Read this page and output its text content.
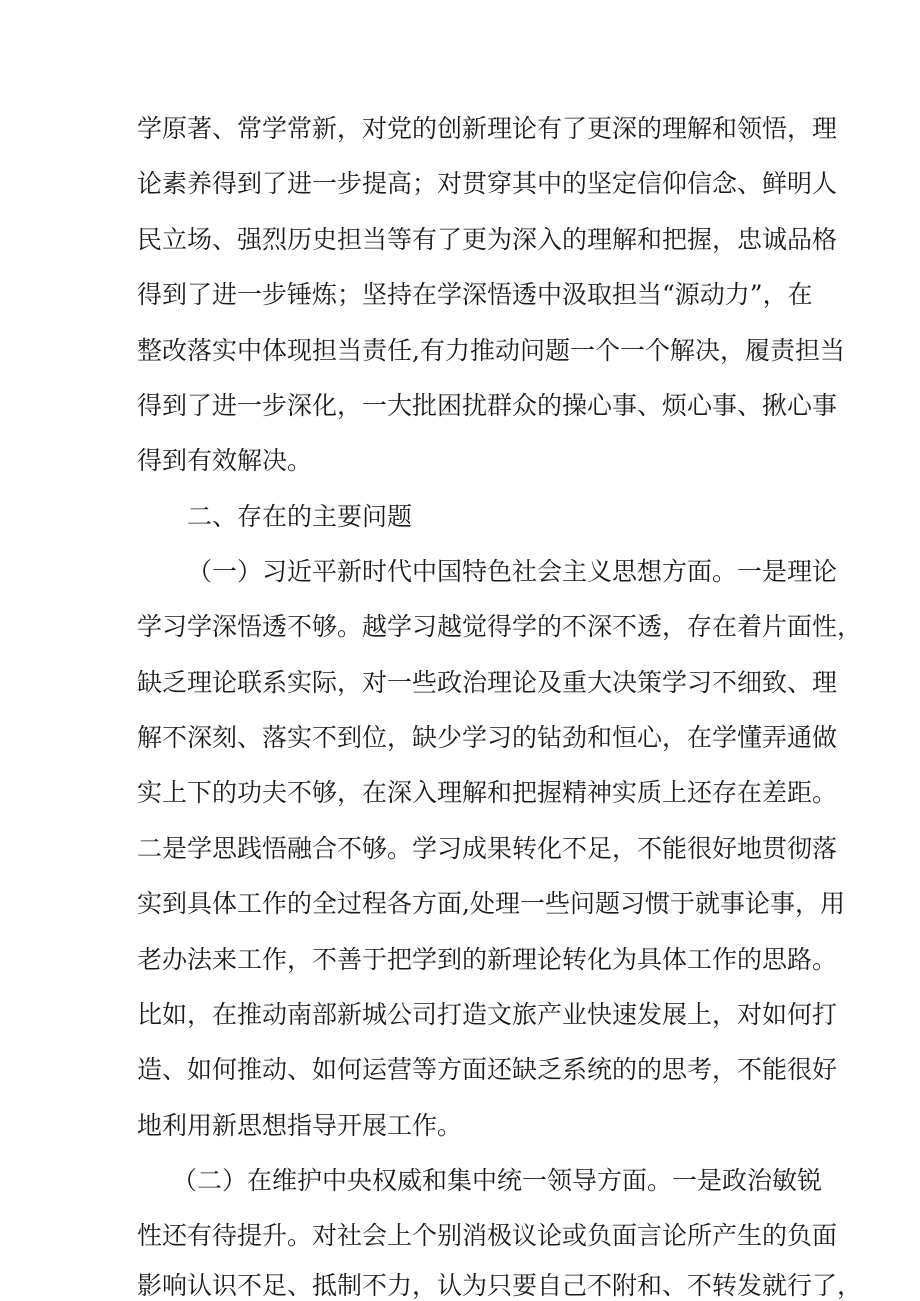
学原著、常学常新，对党的创新理论有了更深的理解和领悟，理
论素养得到了进一步提高；对贯穿其中的坚定信仰信念、鲜明人
民立场、强烈历史担当等有了更为深入的理解和把握，忠诚品格
得到了进一步锤炼；坚持在学深悟透中汲取担当“源动力”，在
整改落实中体现担当责任,有力推动问题一个一个解决，履责担当
得到了进一步深化，一大批困扰群众的操心事、烦心事、揪心事
得到有效解决。
二、存在的主要问题
（一）习近平新时代中国特色社会主义思想方面。一是理论
学习学深悟透不够。越学习越觉得学的不深不透，存在着片面性，
缺乏理论联系实际，对一些政治理论及重大决策学习不细致、理
解不深刻、落实不到位，缺少学习的钻劲和恒心，在学懂弄通做
实上下的功夫不够，在深入理解和把握精神实质上还存在差距。
二是学思践悟融合不够。学习成果转化不足，不能很好地贯彻落
实到具体工作的全过程各方面,处理一些问题习惯于就事论事，用
老办法来工作，不善于把学到的新理论转化为具体工作的思路。
比如，在推动南部新城公司打造文旅产业快速发展上，对如何打
造、如何推动、如何运营等方面还缺乏系统的的思考，不能很好
地利用新思想指导开展工作。
（二）在维护中央权威和集中统一领导方面。一是政治敏锐
性还有待提升。对社会上个别消极议论或负面言论所产生的负面
影响认识不足、抵制不力，认为只要自己不附和、不转发就行了，
